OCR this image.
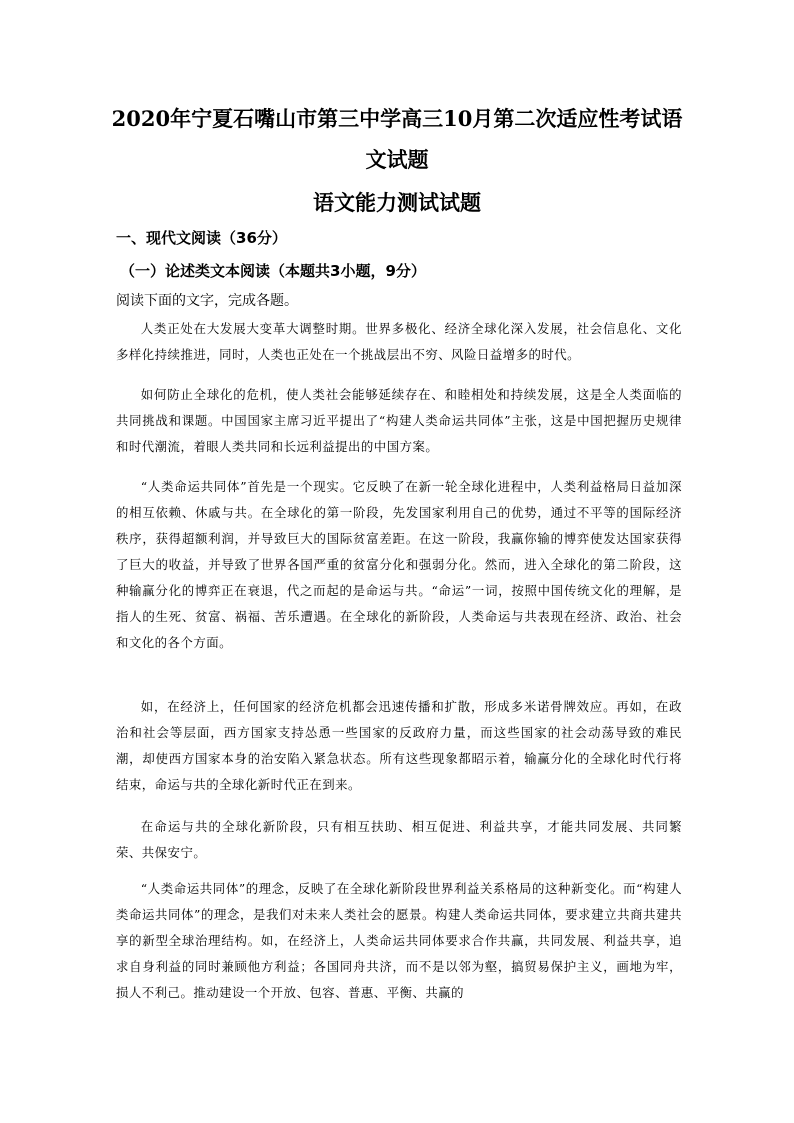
2020年宁夏石嘴山市第三中学高三10月第二次适应性考试语
文试题
语文能力测试试题
一、现代文阅读（36分）
（一）论述类文本阅读（本题共3小题，9分）
阅读下面的文字，完成各题。

人类正处在大发展大变革大调整时期。世界多极化、经济全球化深入发展，社会信息化、文化多样化持续推进，同时，人类也正处在一个挑战层出不穷、风险日益增多的时代。

如何防止全球化的危机，使人类社会能够延续存在、和睦相处和持续发展，这是全人类面临的共同挑战和课题。中国国家主席习近平提出了“构建人类命运共同体”主张，这是中国把握历史规律和时代潮流，着眼人类共同和长远利益提出的中国方案。

“人类命运共同体”首先是一个现实。它反映了在新一轮全球化进程中，人类利益格局日益加深的相互依赖、休戚与共。在全球化的第一阶段，先发国家利用自己的优势，通过不平等的国际经济秩序，获得超额利润，并导致巨大的国际贫富差距。在这一阶段，我赢你输的博弈使发达国家获得了巨大的收益，并导致了世界各国严重的贫富分化和强弱分化。然而，进入全球化的第二阶段，这种输赢分化的博弈正在衰退，代之而起的是命运与共。“命运”一词，按照中国传统文化的理解，是指人的生死、贫富、祸福、苦乐遭遇。在全球化的新阶段，人类命运与共表现在经济、政治、社会和文化的各个方面。

如，在经济上，任何国家的经济危机都会迅速传播和扩散，形成多米诺骨牌效应。再如，在政治和社会等层面，西方国家支持怂恿一些国家的反政府力量，而这些国家的社会动荡导致的难民潮，却使西方国家本身的治安陷入紧急状态。所有这些现象都昭示着，输赢分化的全球化时代行将结束，命运与共的全球化新时代正在到来。

在命运与共的全球化新阶段，只有相互扶助、相互促进、利益共享，才能共同发展、共同繁荣、共保安宁。

“人类命运共同体”的理念，反映了在全球化新阶段世界利益关系格局的这种新变化。而“构建人类命运共同体”的理念，是我们对未来人类社会的愿景。构建人类命运共同体，要求建立共商共建共享的新型全球治理结构。如，在经济上，人类命运共同体要求合作共赢，共同发展、利益共享，追求自身利益的同时兼顾他方利益；各国同舟共济，而不是以邻为壑，搞贸易保护主义，画地为牢，损人不利己。推动建设一个开放、包容、普惠、平衡、共赢的
